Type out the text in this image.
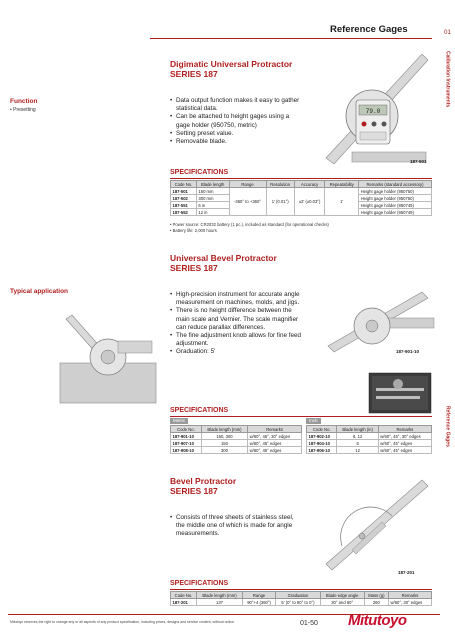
Reference Gages	01
Calibration Instruments
Reference Gages
Function
• Presetting
Typical application
Digimatic Universal Protractor
SERIES 187
• Data output function makes it easy to gather
statistical data.
• Can be attached to height gages using a
gage holder (950750, metric)
• Setting preset value.
• Removable blade.
79.0
187-501
SPECIFICATIONS
Code No.	Blade length	Range	Resolution	Accuracy	Repeatability	Remarks (standard accessory)
187-501	150 mm	-360° to +360°	1' (0.01°)	±2' (±0.03°)	1'	Height gage holder (950750)
187-502	300 mm					Height gage holder (950750)
187-551	6 in					Height gage holder (950749)
187-552	12 in					Height gage holder (950749)
• Power source: CR2032 battery (1 pc.), included as standard (for operational checks)
• Battery life: 2,000 hours
Universal Bevel Protractor
SERIES 187
• High-precision instrument for accurate angle
measurement on machines, molds, and jigs.
• There is no height difference between the
main scale and Vernier. The scale magnifier
can reduce parallax differences.
• The fine adjustment knob allows for fine feed
adjustment.
• Graduation: 5'	187-901-10
SPECIFICATIONS
Metric	Inch
Code No.	Blade length (mm)	Remarks
187-901-10	150, 300	w/60°, 45°, 30° edges
187-907-10	150	w/60°, 45° edges
187-908-10	300	w/60°, 45° edges
Code No.	Blade length (in)	Remarks
187-902-10	6, 12	w/60°, 45°, 30° edges
187-904-10	6	w/60°, 45° edges
187-906-10	12	w/60°, 45° edges
Bevel Protractor
SERIES 187
• Consists of three sheets of stainless steel,
the middle one of which is made for angle
measurements.
187-201
SPECIFICATIONS
Code No.	Blade length (mm)	Range	Graduation	Blade edge angle	Mass (g)	Remarks
187-201	137	90°+4 (360°)	5' (0° to 90° to 0°)	30° and 60°	260	w/60°, 30° edges
Mitutoyo reserves the right to change any or all aspects of any product specification, including prices, designs and service content, without notice.	01-50 Mitutoyo
